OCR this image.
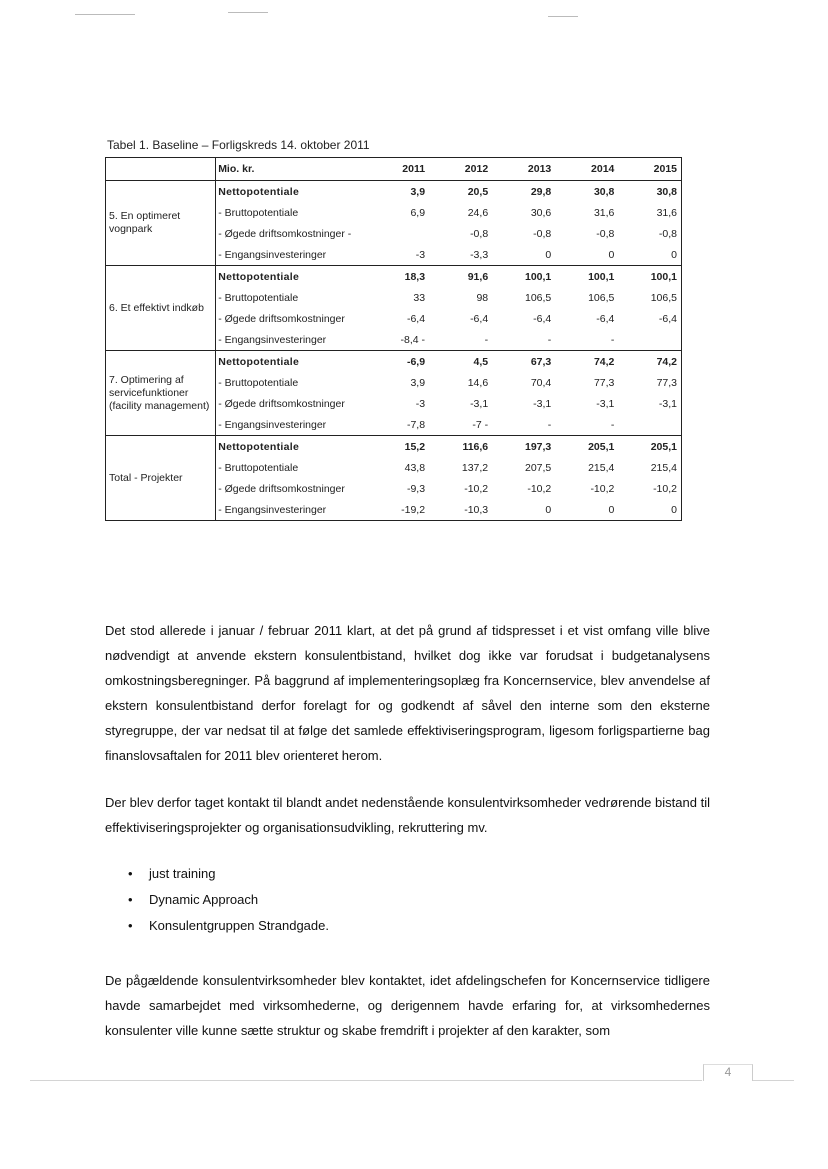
Tabel 1. Baseline – Forligskreds 14. oktober 2011
	Mio. kr.	2011	2012	2013	2014	2015
5. En optimeret vognpark	Nettopotentiale	3,9	20,5	29,8	30,8	30,8
	- Bruttopotentiale	6,9	24,6	30,6	31,6	31,6
	- Øgede driftsomkostninger -		-0,8	-0,8	-0,8	-0,8
	- Engangsinvesteringer	-3	-3,3	0	0	0
6. Et effektivt indkøb	Nettopotentiale	18,3	91,6	100,1	100,1	100,1
	- Bruttopotentiale	33	98	106,5	106,5	106,5
	- Øgede driftsomkostninger	-6,4	-6,4	-6,4	-6,4	-6,4
	- Engangsinvesteringer	-8,4 -	-	-	-	
7. Optimering af servicefunktioner (facility management)	Nettopotentiale	-6,9	4,5	67,3	74,2	74,2
	- Bruttopotentiale	3,9	14,6	70,4	77,3	77,3
	- Øgede driftsomkostninger	-3	-3,1	-3,1	-3,1	-3,1
	- Engangsinvesteringer	-7,8	-7 -	-	-	
Total - Projekter	Nettopotentiale	15,2	116,6	197,3	205,1	205,1
	- Bruttopotentiale	43,8	137,2	207,5	215,4	215,4
	- Øgede driftsomkostninger	-9,3	-10,2	-10,2	-10,2	-10,2
	- Engangsinvesteringer	-19,2	-10,3	0	0	0

Det stod allerede i januar / februar 2011 klart, at det på grund af tidspresset i et vist omfang ville blive nødvendigt at anvende ekstern konsulentbistand, hvilket dog ikke var forudsat i budgetanalysens omkostningsberegninger. På baggrund af implementeringsoplæg fra Koncernservice, blev anvendelse af ekstern konsulentbistand derfor forelagt for og godkendt af såvel den interne som den eksterne styregruppe, der var nedsat til at følge det samlede effektiviseringsprogram, ligesom forligspartierne bag finanslovsaftalen for 2011 blev orienteret herom.

Der blev derfor taget kontakt til blandt andet nedenstående konsulentvirksomheder vedrørende bistand til effektiviseringsprojekter og organisationsudvikling, rekruttering mv.

• just training
• Dynamic Approach
• Konsulentgruppen Strandgade.

De pågældende konsulentvirksomheder blev kontaktet, idet afdelingschefen for Koncernservice tidligere havde samarbejdet med virksomhederne, og derigennem havde erfaring for, at virksomhedernes konsulenter ville kunne sætte struktur og skabe fremdrift i projekter af den karakter, som

4
